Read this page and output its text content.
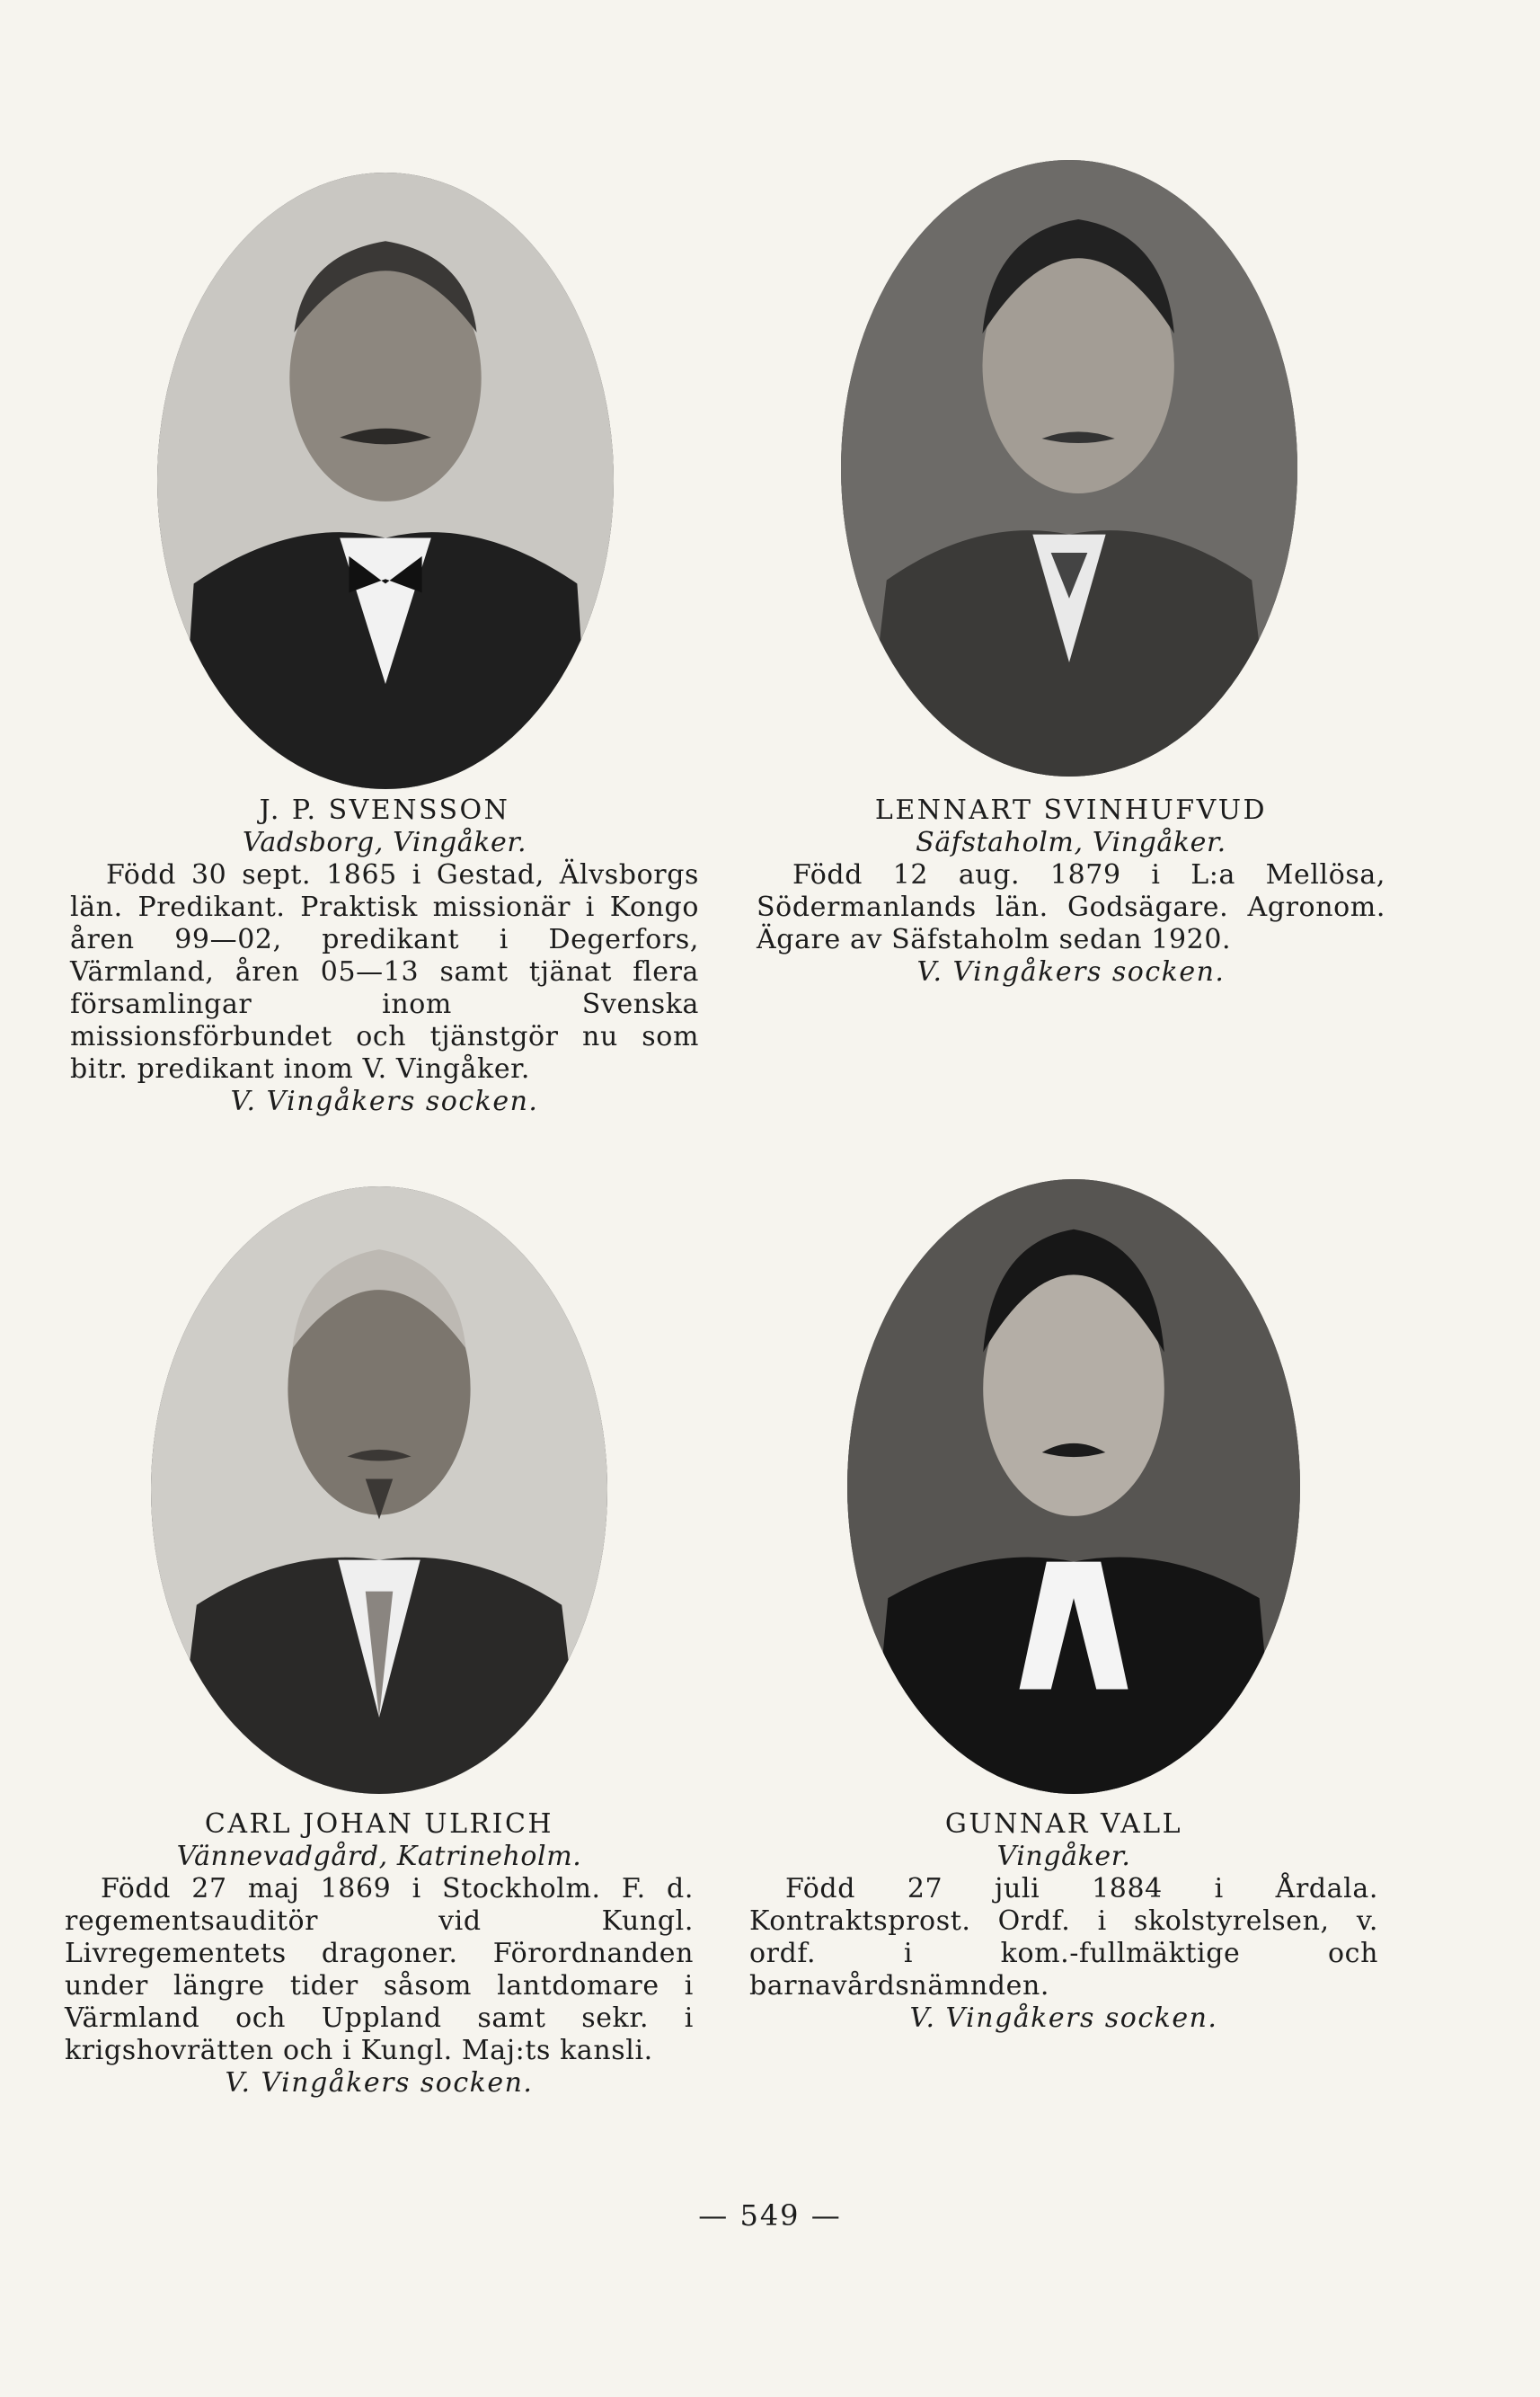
J. P. SVENSSON
Vadsborg, Vingåker.
Född 30 sept. 1865 i Gestad, Älvsborgs län. Predikant. Praktisk missionär i Kongo åren 99—02, predikant i Degerfors, Värmland, åren 05—13 samt tjänat flera församlingar inom Svenska missionsförbundet och tjänstgör nu som bitr. predikant inom V. Vingåker.
V. Vingåkers socken.
LENNART SVINHUFVUD
Säfstaholm, Vingåker.
Född 12 aug. 1879 i L:a Mellösa, Södermanlands län. Godsägare. Agronom. Ägare av Säfstaholm sedan 1920.
V. Vingåkers socken.
CARL JOHAN ULRICH
Vännevadgård, Katrineholm.
Född 27 maj 1869 i Stockholm. F. d. regementsauditör vid Kungl. Livregementets dragoner. Förordnanden under längre tider såsom lantdomare i Värmland och Uppland samt sekr. i krigshovrätten och i Kungl. Maj:ts kansli.
V. Vingåkers socken.
GUNNAR VALL
Vingåker.
Född 27 juli 1884 i Årdala. Kontraktsprost. Ordf. i skolstyrelsen, v. ordf. i kom.-fullmäktige och barnavårdsnämnden.
V. Vingåkers socken.
— 549 —
